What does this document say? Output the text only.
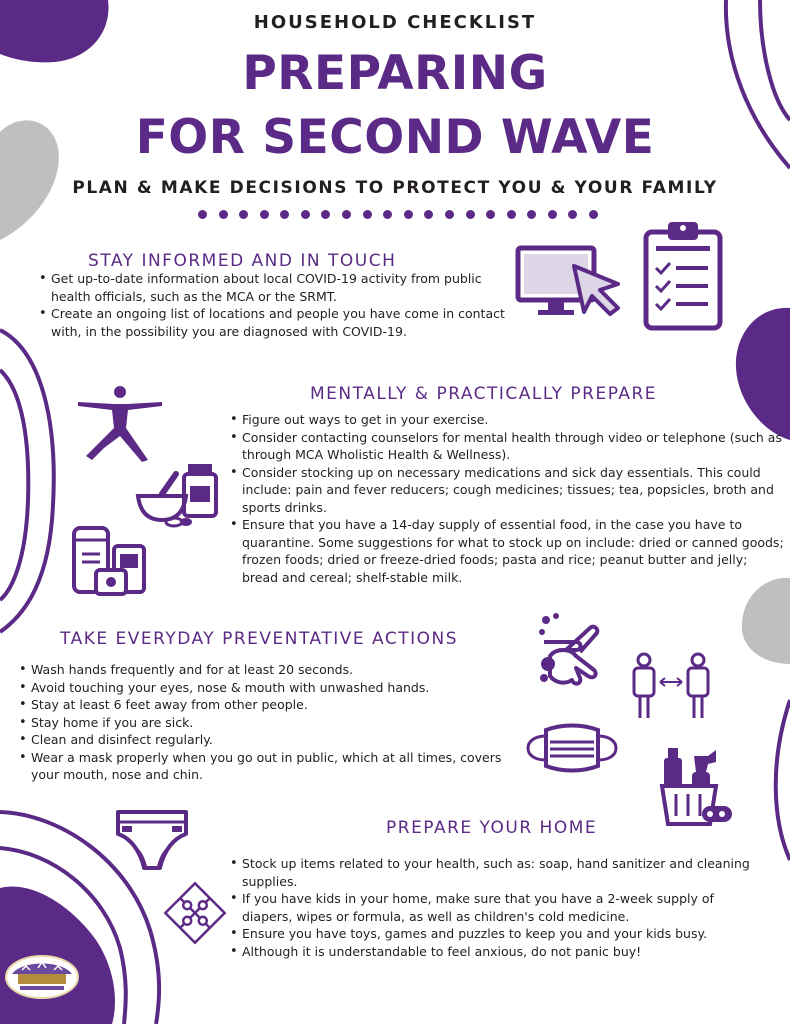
HOUSEHOLD CHECKLIST
PREPARING
FOR SECOND WAVE
PLAN & MAKE DECISIONS TO PROTECT YOU & YOUR FAMILY
STAY INFORMED AND IN TOUCH
• Get up-to-date information about local COVID-19 activity from public health officials, such as the MCA or the SRMT.
• Create an ongoing list of locations and people you have come in contact with, in the possibility you are diagnosed with COVID-19.
MENTALLY & PRACTICALLY PREPARE
• Figure out ways to get in your exercise.
• Consider contacting counselors for mental health through video or telephone (such as through MCA Wholistic Health & Wellness).
• Consider stocking up on necessary medications and sick day essentials. This could include: pain and fever reducers; cough medicines; tissues; tea, popsicles, broth and sports drinks.
• Ensure that you have a 14-day supply of essential food, in the case you have to quarantine. Some suggestions for what to stock up on include: dried or canned goods; frozen foods; dried or freeze-dried foods; pasta and rice; peanut butter and jelly; bread and cereal; shelf-stable milk.
TAKE EVERYDAY PREVENTATIVE ACTIONS
• Wash hands frequently and for at least 20 seconds.
• Avoid touching your eyes, nose & mouth with unwashed hands.
• Stay at least 6 feet away from other people.
• Stay home if you are sick.
• Clean and disinfect regularly.
• Wear a mask properly when you go out in public, which at all times, covers your mouth, nose and chin.
PREPARE YOUR HOME
• Stock up items related to your health, such as: soap, hand sanitizer and cleaning supplies.
• If you have kids in your home, make sure that you have a 2-week supply of diapers, wipes or formula, as well as children's cold medicine.
• Ensure you have toys, games and puzzles to keep you and your kids busy.
• Although it is understandable to feel anxious, do not panic buy!
